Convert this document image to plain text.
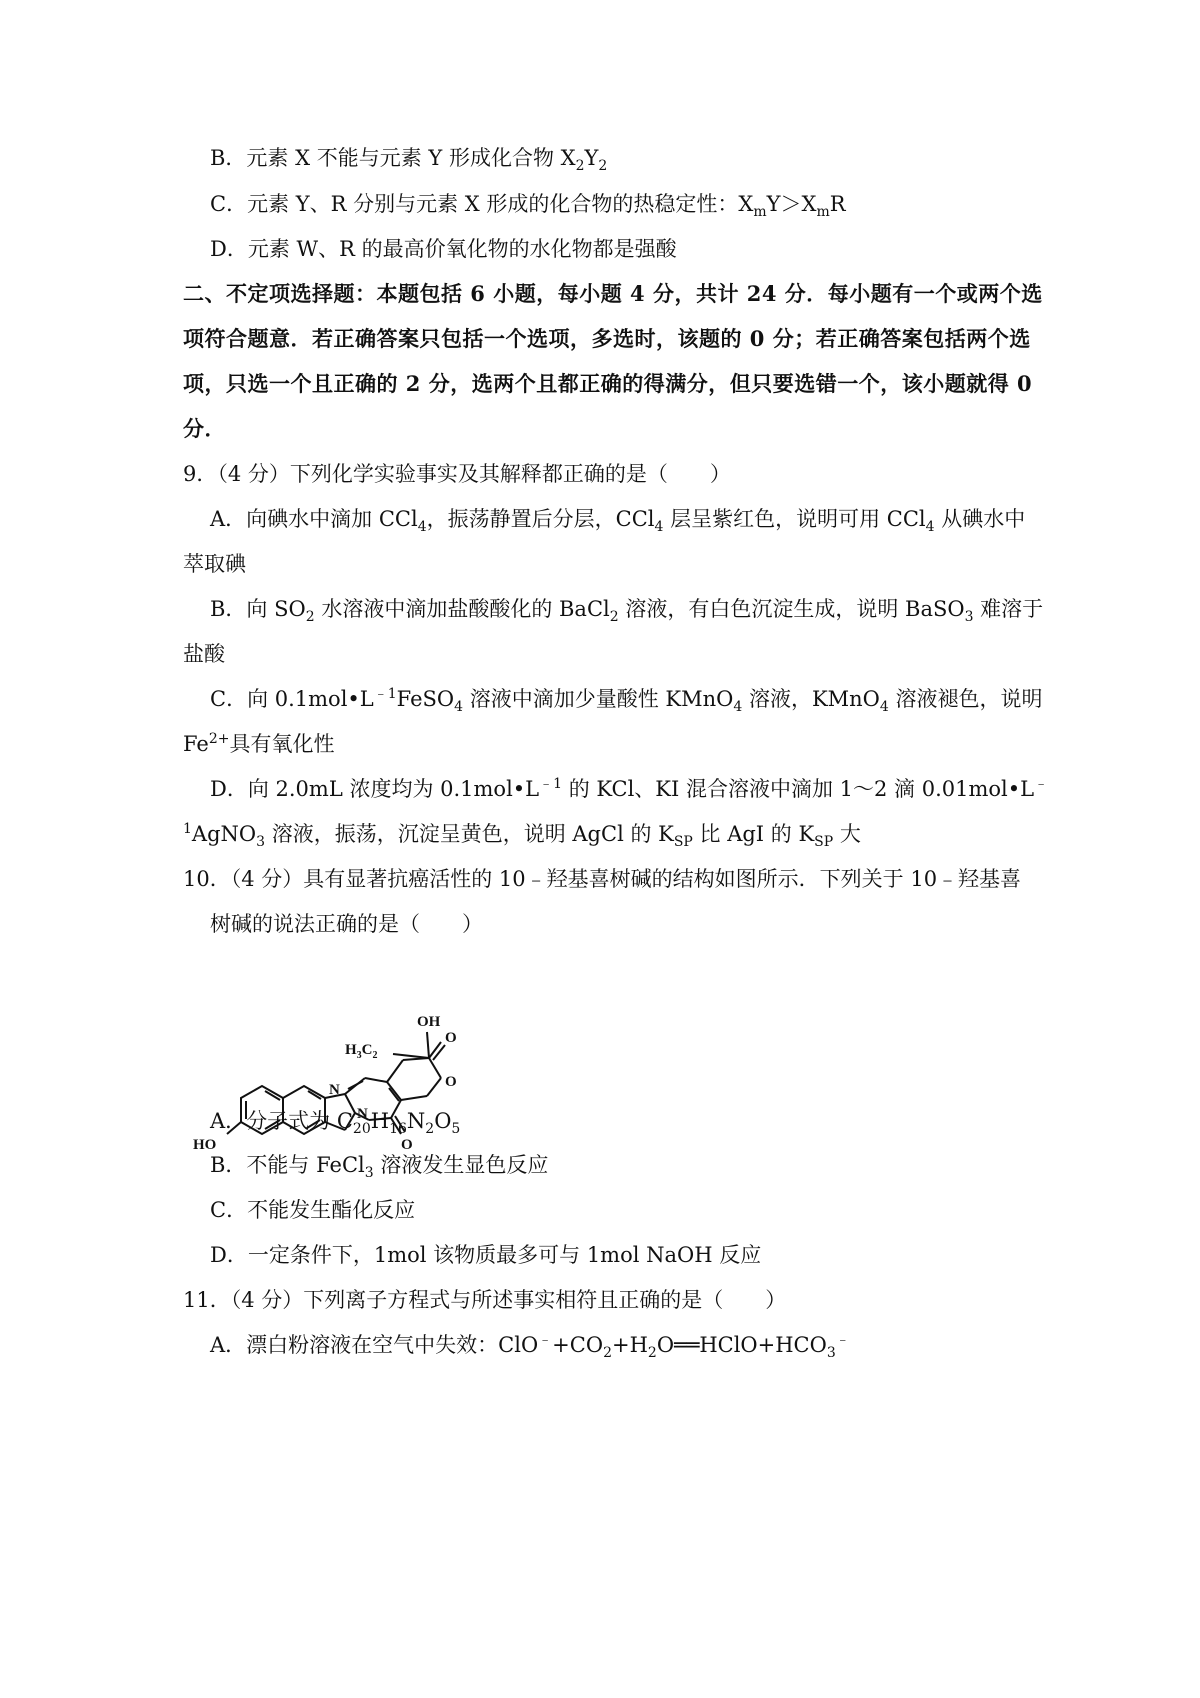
B．元素 X 不能与元素 Y 形成化合物 $X_2Y_2$
C．元素 Y、R 分别与元素 X 形成的化合物的热稳定性：$X_mY>X_mR$
D．元素 W、R 的最高价氧化物的水化物都是强酸
二、不定项选择题：本题包括 6 小题，每小题 4 分，共计 24 分．每小题有一个或两个选
项符合题意．若正确答案只包括一个选项，多选时，该题的 0 分；若正确答案包括两个选
项，只选一个且正确的 2 分，选两个且都正确的得满分，但只要选错一个，该小题就得 0
分．
9．（4 分）下列化学实验事实及其解释都正确的是（　　）
A．向碘水中滴加 CCl$_4$，振荡静置后分层，CCl$_4$ 层呈紫红色，说明可用 CCl$_4$ 从碘水中
萃取碘
B．向 $SO_2$ 水溶液中滴加盐酸酸化的 BaCl$_2$ 溶液，有白色沉淀生成，说明 BaSO$_3$ 难溶于
盐酸
C．向 $0.1mol•L^{﹣1}FeSO_4$ 溶液中滴加少量酸性 KMnO$_4$ 溶液，KMnO$_4$ 溶液褪色，说明
$Fe^{2+}$具有氧化性
D．向 2.0mL 浓度均为 $0.1mol•L^{﹣1}$ 的 KCl、KI 混合溶液中滴加 1～2 滴 0.01mol•L﹣
$^1$AgNO$_3$ 溶液，振荡，沉淀呈黄色，说明 AgCl 的 $K_{SP}$ 比 AgI 的 $K_{SP}$ 大
10．（4 分）具有显著抗癌活性的 10﹣羟基喜树碱的结构如图所示．下列关于 10﹣羟基喜
树碱的说法正确的是（　　）
OH
$H_3C_2$
N
N
O
O
O
HO
A．分子式为 $C_{20}H_{16}N_2O_5$
B．不能与 FeCl$_3$ 溶液发生显色反应
C．不能发生酯化反应
D．一定条件下，1mol 该物质最多可与 1mol NaOH 反应
11．（4 分）下列离子方程式与所述事实相符且正确的是（　　）
A．漂白粉溶液在空气中失效：$ClO^﹣+CO_2+H_2O══HClO+HCO_3^﹣$
